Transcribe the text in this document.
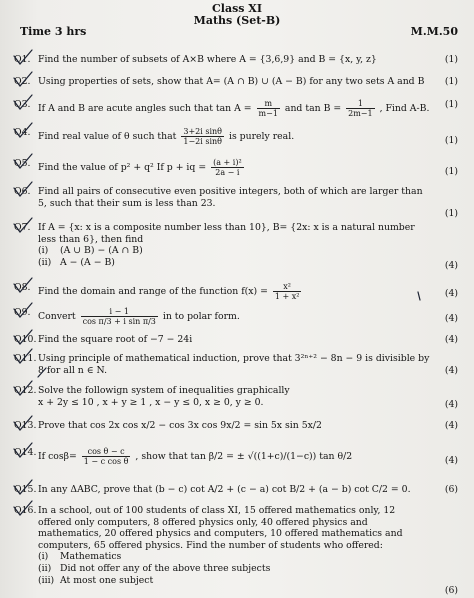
Class XI
Maths (Set-B)
Time 3 hrs	M.M.50
Q1. Find the number of subsets of A×B where A = {3,6,9} and B = {x, y, z}	(1)
Q2. Using properties of sets, show that A= (A ∩ B) ∪ (A − B) for any two sets A and B	(1)
Q3. If A and B are acute angles such that $\tan A = \frac{m}{m-1}$ and $\tan B = \frac{1}{2m-1}$ , Find A-B.	(1)
Q4. Find real value of θ such that $\frac{\text{3+2i sinθ}}{\text{1−2i sinθ}}$ is purely real.	(1)
Q5. Find the value of p² + q² If p + iq = $\frac{\text{(a + i)²}}{2a - i}$	(1)
Q6. Find all pairs of consecutive even positive integers, both of which are larger than 5, such that their sum is less than 23.
(1)
Q7. If A = {x: x is a composite number less than 10}, B= {2x: x is a natural number less than 6}, then find
(i) (A ∪ B) − (A ∩ B)
(ii) A − (A − B)	(4)
Q8. Find the domain and range of the function $f(x) = \frac{\text{x²}}{\text{1 + x²}}$	(4)
Q9. Convert $\frac{i - 1}{\text{cos π/3 + i sin π/3}}$ in to polar form.	(4)
Q10. Find the square root of −7 − 24i	(4)
Q11. Using principle of mathematical induction, prove that 3²ⁿ⁺² − 8n − 9 is divisible by 8 for all n ∈ N.	(4)
Q12. Solve the followign system of inequalities graphically
x + 2y ≤ 10 , x + y ≥ 1 , x − y ≤ 0, x ≥ 0, y ≥ 0.	(4)
Q13. Prove that cos 2x cos x/2 − cos 3x cos 9x/2 = sin 5x sin 5x/2	(4)
Q14. If $\cos\beta= \frac{\text{cos θ − c}}{\text{1 − c cos θ}}$ , show that tan β/2 = ± √((1+c)/(1−c)) tan θ/2	(4)
Q15. In any ΔABC, prove that (b − c) cot A/2 + (c − a) cot B/2 + (a − b) cot C/2 = 0.	(6)
Q16. In a school, out of 100 students of class XI, 15 offered mathematics only, 12 offered only computers, 8 offered physics only, 40 offered physics and mathematics, 20 offered physics and computers, 10 offered mathematics and computers, 65 offered physics. Find the number of students who offered:
(i) Mathematics
(ii) Did not offer any of the above three subjects
(iii) At most one subject
(6)
